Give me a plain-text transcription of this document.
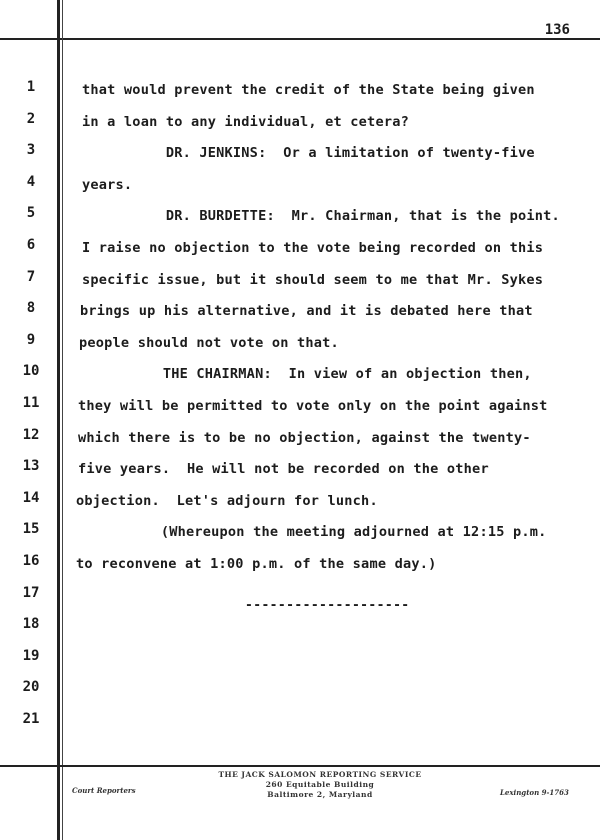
136
1	that would prevent the credit of the State being given
2	in a loan to any individual, et cetera?
3	DR. JENKINS:  Or a limitation of twenty-five
4	years.
5	DR. BURDETTE:  Mr. Chairman, that is the point.
6	I raise no objection to the vote being recorded on this
7	specific issue, but it should seem to me that Mr. Sykes
8	brings up his alternative, and it is debated here that
9	people should not vote on that.
10	THE CHAIRMAN:  In view of an objection then,
11	they will be permitted to vote only on the point against
12	which there is to be no objection, against the twenty-
13	five years.  He will not be recorded on the other
14	objection.  Let's adjourn for lunch.
15	(Whereupon the meeting adjourned at 12:15 p.m.
16	to reconvene at 1:00 p.m. of the same day.)
17
18
19
20
21
--------------------
THE JACK SALOMON REPORTING SERVICE
260 Equitable Building
Baltimore 2, Maryland
Court Reporters	Lexington 9-1763
